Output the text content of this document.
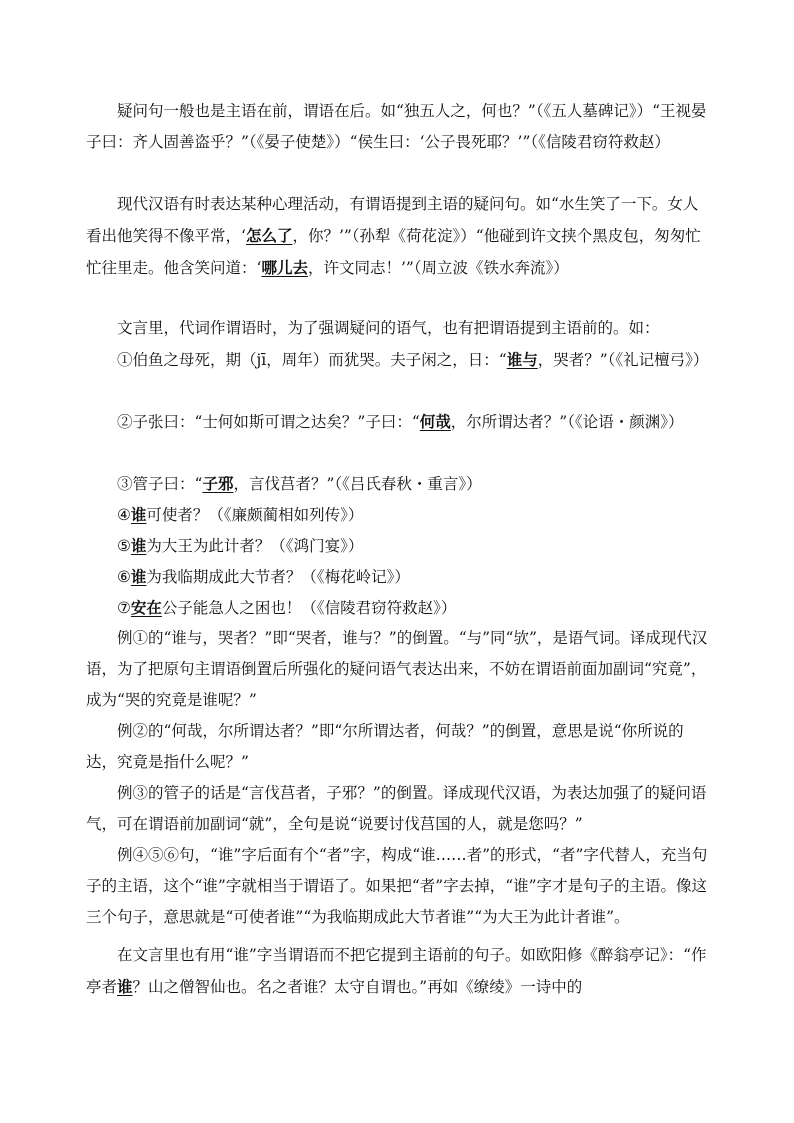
疑问句一般也是主语在前，谓语在后。如“独五人之，何也？”（《五人墓碑记》）“王视晏子曰：齐人固善盗乎？”（《晏子使楚》）“侯生曰：‘公子畏死耶？’”（《信陵君窃符救赵）

现代汉语有时表达某种心理活动，有谓语提到主语的疑问句。如“水生笑了一下。女人看出他笑得不像平常，‘怎么了，你？’”（孙犁《荷花淀》）“他碰到许文挟个黑皮包，匆匆忙忙往里走。他含笑问道：‘哪儿去，许文同志！’”（周立波《铁水奔流》）

文言里，代词作谓语时，为了强调疑问的语气，也有把谓语提到主语前的。如：

①伯鱼之母死，期（jī，周年）而犹哭。夫子闲之，日：“谁与，哭者？”（《礼记檀弓》）

②子张曰：“士何如斯可谓之达矣？”子曰：“何哉，尔所谓达者？”（《论语・颜渊》）

③管子曰：“子邪，言伐莒者？”（《吕氏春秋・重言》）

④谁可使者？（《廉颇蔺相如列传》）

⑤谁为大王为此计者？（《鸿门宴》）

⑥谁为我临期成此大节者？（《梅花岭记》）

⑦安在公子能急人之困也！（《信陵君窃符救赵》）

例①的“谁与，哭者？”即“哭者，谁与？”的倒置。“与”同“欤”，是语气词。译成现代汉语，为了把原句主谓语倒置后所强化的疑问语气表达出来，不妨在谓语前面加副词“究竟”，成为“哭的究竟是谁呢？”

例②的“何哉，尔所谓达者？”即“尔所谓达者，何哉？”的倒置，意思是说“你所说的达，究竟是指什么呢？”

例③的管子的话是“言伐莒者，子邪？”的倒置。译成现代汉语，为表达加强了的疑问语气，可在谓语前加副词“就”，全句是说“说要讨伐莒国的人，就是您吗？”

例④⑤⑥句，“谁”字后面有个“者”字，构成“谁……者”的形式，“者”字代替人，充当句子的主语，这个“谁”字就相当于谓语了。如果把“者”字去掉，“谁”字才是句子的主语。像这三个句子，意思就是“可使者谁”“为我临期成此大节者谁”“为大王为此计者谁”。

在文言里也有用“谁”字当谓语而不把它提到主语前的句子。如欧阳修《醉翁亭记》：“作亭者谁？山之僧智仙也。名之者谁？太守自谓也。”再如《缭绫》一诗中的
